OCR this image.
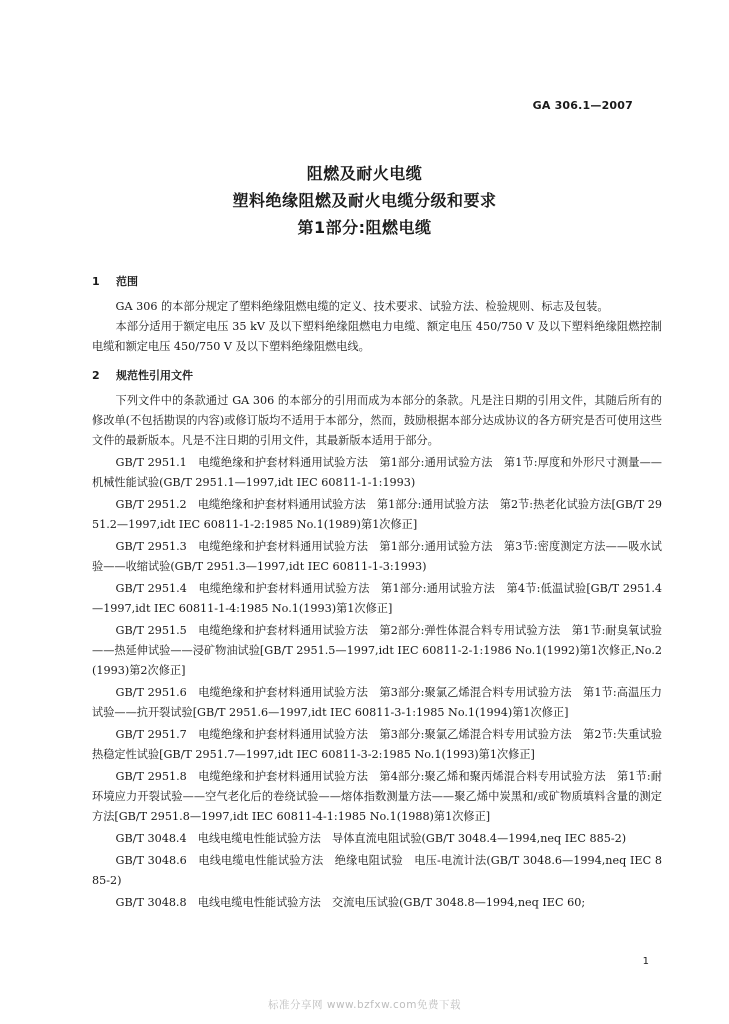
GA 306.1—2007
阻燃及耐火电缆
塑料绝缘阻燃及耐火电缆分级和要求
第1部分:阻燃电缆

1 范围

GA 306 的本部分规定了塑料绝缘阻燃电缆的定义、技术要求、试验方法、检验规则、标志及包装。

本部分适用于额定电压 35 kV 及以下塑料绝缘阻燃电力电缆、额定电压 450/750 V 及以下塑料绝缘阻燃控制电缆和额定电压 450/750 V 及以下塑料绝缘阻燃电线。

2 规范性引用文件

下列文件中的条款通过 GA 306 的本部分的引用而成为本部分的条款。凡是注日期的引用文件，其随后所有的修改单(不包括勘误的内容)或修订版均不适用于本部分，然而，鼓励根据本部分达成协议的各方研究是否可使用这些文件的最新版本。凡是不注日期的引用文件，其最新版本适用于部分。

GB/T 2951.1　电缆绝缘和护套材料通用试验方法　第1部分:通用试验方法　第1节:厚度和外形尺寸测量——机械性能试验(GB/T 2951.1—1997,idt IEC 60811-1-1:1993)

GB/T 2951.2　电缆绝缘和护套材料通用试验方法　第1部分:通用试验方法　第2节:热老化试验方法[GB/T 2951.2—1997,idt IEC 60811-1-2:1985 No.1(1989)第1次修正]

GB/T 2951.3　电缆绝缘和护套材料通用试验方法　第1部分:通用试验方法　第3节:密度测定方法——吸水试验——收缩试验(GB/T 2951.3—1997,idt IEC 60811-1-3:1993)

GB/T 2951.4　电缆绝缘和护套材料通用试验方法　第1部分:通用试验方法　第4节:低温试验[GB/T 2951.4—1997,idt IEC 60811-1-4:1985 No.1(1993)第1次修正]

GB/T 2951.5　电缆绝缘和护套材料通用试验方法　第2部分:弹性体混合料专用试验方法　第1节:耐臭氧试验——热延伸试验——浸矿物油试验[GB/T 2951.5—1997,idt IEC 60811-2-1:1986 No.1(1992)第1次修正,No.2(1993)第2次修正]

GB/T 2951.6　电缆绝缘和护套材料通用试验方法　第3部分:聚氯乙烯混合料专用试验方法　第1节:高温压力试验——抗开裂试验[GB/T 2951.6—1997,idt IEC 60811-3-1:1985 No.1(1994)第1次修正]

GB/T 2951.7　电缆绝缘和护套材料通用试验方法　第3部分:聚氯乙烯混合料专用试验方法　第2节:失重试验　热稳定性试验[GB/T 2951.7—1997,idt IEC 60811-3-2:1985 No.1(1993)第1次修正]

GB/T 2951.8　电缆绝缘和护套材料通用试验方法　第4部分:聚乙烯和聚丙烯混合料专用试验方法　第1节:耐环境应力开裂试验——空气老化后的卷绕试验——熔体指数测量方法——聚乙烯中炭黑和/或矿物质填料含量的测定方法[GB/T 2951.8—1997,idt IEC 60811-4-1:1985 No.1(1988)第1次修正]

GB/T 3048.4　电线电缆电性能试验方法　导体直流电阻试验(GB/T 3048.4—1994,neq IEC 885-2)

GB/T 3048.6　电线电缆电性能试验方法　绝缘电阻试验　电压-电流计法(GB/T 3048.6—1994,neq IEC 885-2)

GB/T 3048.8　电线电缆电性能试验方法　交流电压试验(GB/T 3048.8—1994,neq IEC 60;

1
标准分享网 www.bzfxw.com免费下载
